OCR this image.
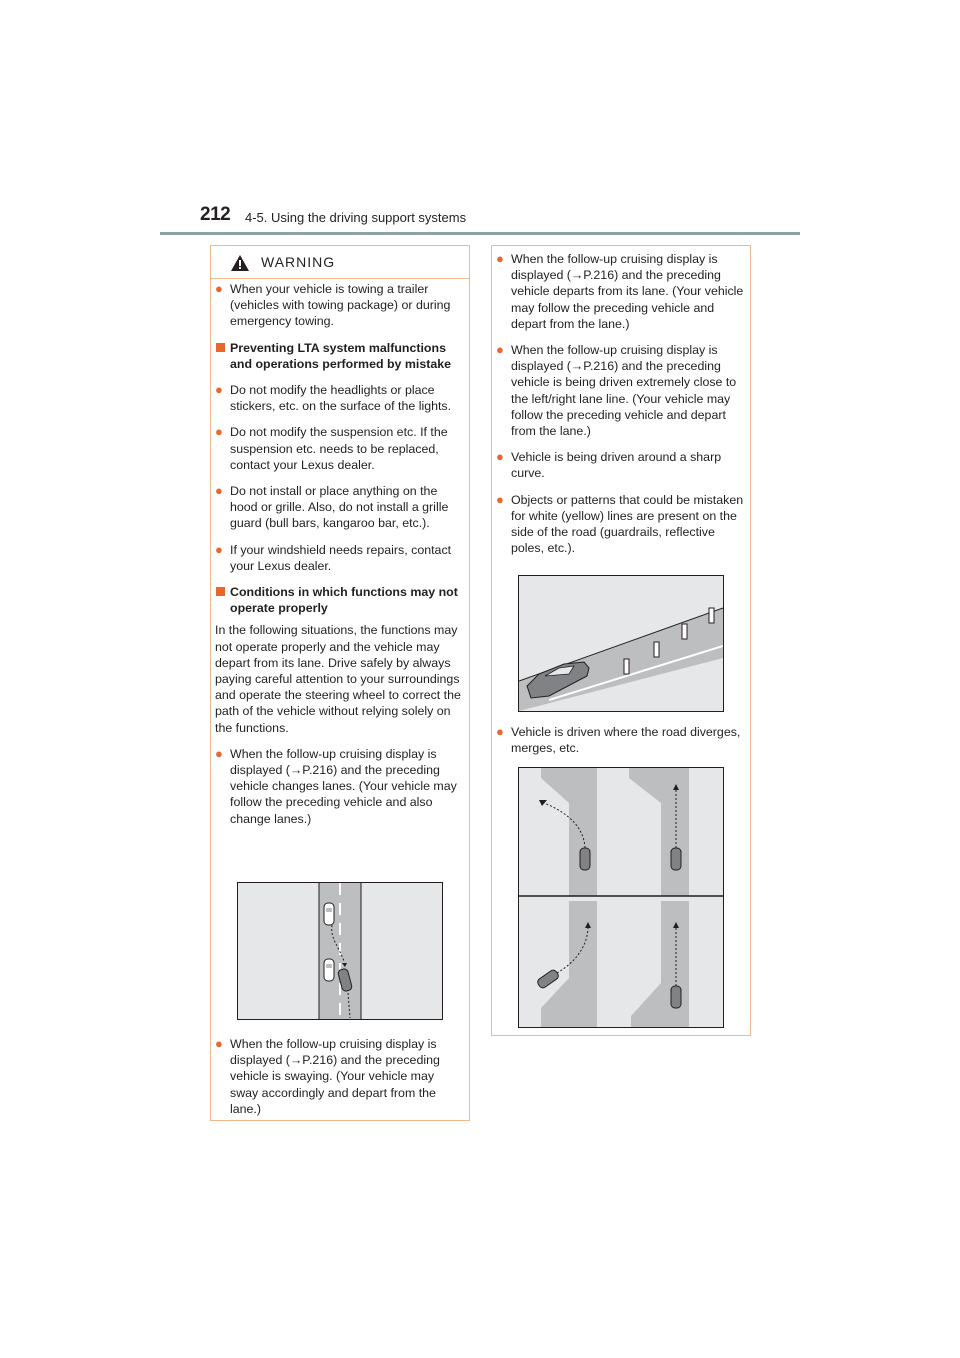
212 4-5. Using the driving support systems
WARNING
● When your vehicle is towing a trailer (vehicles with towing package) or during emergency towing.
Preventing LTA system malfunctions and operations performed by mistake
● Do not modify the headlights or place stickers, etc. on the surface of the lights.
● Do not modify the suspension etc. If the suspension etc. needs to be replaced, contact your Lexus dealer.
● Do not install or place anything on the hood or grille. Also, do not install a grille guard (bull bars, kangaroo bar, etc.).
● If your windshield needs repairs, contact your Lexus dealer.
Conditions in which functions may not operate properly
In the following situations, the functions may not operate properly and the vehicle may depart from its lane. Drive safely by always paying careful attention to your surroundings and operate the steering wheel to correct the path of the vehicle without relying solely on the functions.
● When the follow-up cruising display is displayed (→P.216) and the preceding vehicle changes lanes. (Your vehicle may follow the preceding vehicle and also change lanes.)
● When the follow-up cruising display is displayed (→P.216) and the preceding vehicle is swaying. (Your vehicle may sway accordingly and depart from the lane.)
● When the follow-up cruising display is displayed (→P.216) and the preceding vehicle departs from its lane. (Your vehicle may follow the preceding vehicle and depart from the lane.)
● When the follow-up cruising display is displayed (→P.216) and the preceding vehicle is being driven extremely close to the left/right lane line. (Your vehicle may follow the preceding vehicle and depart from the lane.)
● Vehicle is being driven around a sharp curve.
● Objects or patterns that could be mistaken for white (yellow) lines are present on the side of the road (guardrails, reflective poles, etc.).
● Vehicle is driven where the road diverges, merges, etc.
